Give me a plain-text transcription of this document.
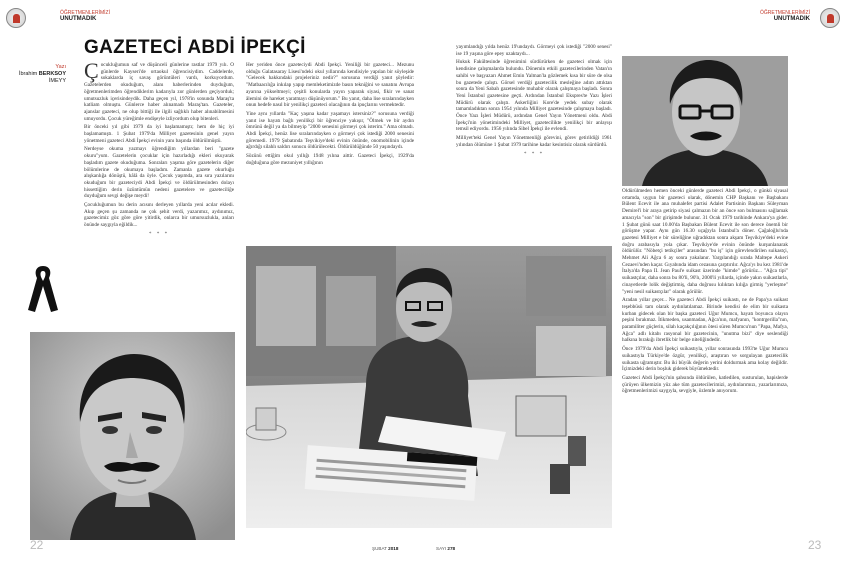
ÖĞRETMENLERİMİZİ
UNUTMADIK
GAZETECİ ABDİ İPEKÇİ
Yazı
İbrahim BERKSOY
İMEYY Çocukluğumun saf ve düşünceli günlerine rastlar 1979 yılı. O günlerde Kayseri'de ortaokul öğrencisiydim. Caddelerde, sokaklarda iç savaş görüntüleri vardı, korkuyordum. Gazetelerden okuduğum, alanı haberlerinden duyduğum, öğretmenlerimden öğrendiklerim kadarıyla zor günlerden geçiyorduk; umutsuzluk içerisindeydik. Daha geçen yıl, 1978'in sonunda Maraş'ta katliam olmuştu. Günlerce haber alınamadı Maraş'tan. Gazeteler, ajanslar gazeteci, ne olup bittiği ile ilgili sağlıklı haber alınabilmesini umuyordu. Çocuk yüreğimle endişeyle izliyordum olup bitenleri.

Bir önceki yıl gibi 1979 da iyi başlamamıştı; hem de hiç iyi başlamamıştı. 1 Şubat 1979'da Milliyet gazetesinin genel yayın yönetmeni gazeteci Abdi İpekçi evinin yanı başında öldürülmüştü.

Nerdeyse okuma yazmayı öğrendiğim yıllardan beri "gazete okuru"yum. Gazetelerin çocuklar için hazırladığı ekleri okuyarak başladım gazete okuduğuma. Sonraları yaşıma göre gazetelerin diğer bölümlerine de okumaya başladım. Zamanla gazete okurluğu alışkanlığa dönüştü, hâlâ da öyle. Çocuk yaşımda, ara sıra yazılarını okuduğum bir gazeteciydi Abdi İpekçi ve öldürülmesinden dolayı hissettiğim derin üzüntümün nedeni gazetelere ve gazeteciliğe duyduğum sevgi değişe meydi!

Çocukluğumun bu derin acısını derleyen yıllarda yeni acılar ekledi. Akıp geçen şu zamanda ne çok şehit verdi, yazarımız, aydınımız, gazetecimiz göz göre göre yitirdik, onlarca bir umursuzlukla, anları önünde saygıyla eğildik...

* * *

22	ŞUBAT 2018

Her yeriden önce gazeteciydi Abdi İpekçi. Yeniliği bir gazeteci... Mezunu olduğu Galatasaray Lisesi'ndeki okul yıllarında kendisiyle yapılan bir söyleşide "Gelecek hakkındaki projeleriniz nedir?" sorusuna verdiği yanıt şöyledir: "Matbaacılığa inkılap yapıp memleketimizde basın tekniğini ve sanatını Avrupa ayarına yükseltmeyi; çeşitli konularda yayın yaparak siyasi, fikir ve sanat âlemini de hareket yaratmayı düşünüyorum." Bu yanıt, daha lise sıralarındayken onun hedefe nasıl bir yenilikçi gazeteci olacağının da ipuçlarını vermektedir.

Yine aynı yıllarda "Kaç yaşına kadar yaşamayı istersiniz?" sorusuna verdiği yanıt ise hayatı bağlı yenilikçi bir öğrenciye yakışır, "Ölmek ve bir aydın ömrünü değil ya da bilmeyip "2000 senesini görmeyi çok isterim." Ama olmadı. Abdi İpekçi, henüz lise sıralarındayken o görmeyi çok istediği 2000 senesini göremedi. 1979 Şubatında Teşvikiye'deki evinin önünde, onomobilinin içinde ağırdığı silahlı saldırı sonucu öldürülecekti. Öldürüldüğünde 50 yaşındaydı.

Sözünü ettiğim okul yıllığı 1948 yılına aittir. Gazeteci İpekçi, 1929'da doğduğuna göre mezuniyet yıllığının

ÖĞRETMENLERİMİZİ
UNUTMADIK

yayımlandığı yılda henüz 19'undaydı. Görmeyi çok istediği "2000 senesi" ise 19 yaşına göre epey uzaktaydı...

Hukuk Fakültesinde öğrenimini sürdürürken de gazeteci olmak için kendisine çalışmalarda bulundu. Dönemin etkili gazetecilerinden Vatan'ın sahibi ve başyazarı Ahmet Emin Yalman'la gözlemek kısa bir süre de olsa bu gazetede çalıştı. Görsel verdiği gazetecilik mesleğine adım attıktan sonra da Yeni Sabah gazetesinde muhabir olarak çalışmaya başladı. Sonra Yeni İstanbul gazetesine geçti. Ardından İstanbul Ekspres'te Yazı İşleri Müdürü olarak çalıştı. Askerliğini Kore'de yedek subay olarak tamamladıktan sonra 1954 yılında Milliyet gazetesinde çalışmaya başladı. Önce Yazı İşleri Müdürü, ardından Genel Yayın Yönetmeni oldu. Abdi İpekçi'nin yönetimindeki Milliyet, gazetecilikte yenilikçi bir anlayışı temsil ediyordu. 1956 yılında Sibel İpekçi ile evlendi.

Milliyet'teki Genel Yayın Yönetmenliği görevini, görev getirildiği 1961 yılından ölümüne 1 Şubat 1979 tarihine kadar kesintisiz olarak sürdürdü.

* * *

Öldürülmeden hemen önceki günlerde gazeteci Abdi İpekçi, o günkü siyasal ortamda, uygun bir gazeteci olarak, dönemin CHP Başkanı ve Başbakanı Bülent Ecevit ile ana muhalefet partisi Adalet Partisinin Başkanı Süleyman Demirel'i bir araya getirip siyasi çalmazın bir an önce son bulmasını sağlamak amacıyla "son" bir girişimde bulunur. 31 Ocak 1979 tarihinde Ankara'ya gider. 1 Şubat günü saat 10.00'da Başbakan Bülent Ecevit ile son derece önemli bir görüşme yapar. Aynı gün 16.30 uçağıyla İstanbul'a döner. Çağaloğlu'nda gazetesi Milliyet e bir süreliğine uğradıktan sonra akşam Teşvikiye'deki evine doğru arabasıyla yola çıkar. Teşvikiye'de evinin önünde kurşunlanarak öldürülür. "Nöbetçi tetikçiler" arasından "bu iş" için görevlendirilen suikastçi, Mehmet Ali Ağca 6 ay sonra yakalanır. Yargılandığı sırada Maltepe Askeri Cezaevi'nden kaçar. Gıyabında idam cezasına çarptırılır. Ağca'yı bu kez 1981'de İtalya'da Papa II. Jean Paul'e suikast üzerinde "kimde" görürüz... "Ağca tipi" suikastçılar, daha sonra bu 80'li, 90'lı, 2000'li yıllarda, içinde yakın suikastlarla, cinayetlerde lolik değiştirmiş, daha doğrusu kılıktan kılığa girmiş "yerleşme" "yeni nesil suikastçılar" olarak görülür.

Aradan yıllar geçer... Ne gazeteci Abdi İpekçi suikastı, ne de Papa'ya suikast teşebbüsü tam olarak aydınlatılamaz. Birinde kendisi de elim bir suikasta kurban gidecek olan bir başka gazeteci Uğur Mumcu, hayatı boyunca olayın peşini bırakmaz. İtikmeden, usanmadan, Ağca'nın, mafyanın, "kontrgerilla"nın, paramiliter güçlerin, silah kaçakçılığının ötesi süren Mumcu'nun "Papa, Mafya, Ağca" adlı kitabı rasyonal bir gazetecinin, "unutma bizi" diye seslendiği halkına bırakığı ibretlik bir belge niteliğindedir.

Önce 1979'da Abdi İpekçi suikastıyla, yıllar sonrasında 1993'te Uğur Mumcu suikastıyla Türkiye'de özgür, yenilikçi, araştıran ve sorgulayan gazetecilik suikasta uğramıştır. Bu iki büyük değerin yerini doldurmak ama kolay değildir. İçimizdeki derin boşluk giderek büyümektedir.

Gazeteci Abdi İpekçi'nin şahsında öldürülen, katledilen, susturulan, hapislerde çürüyen ülkemizin yüz ake tüm gazetecilerimizi, aydınlarımızı, yazarlarımıza, öğretmenlerimizi saygıyla, sevgiyle, özlemle anıyorum.

SAYI 278	23
